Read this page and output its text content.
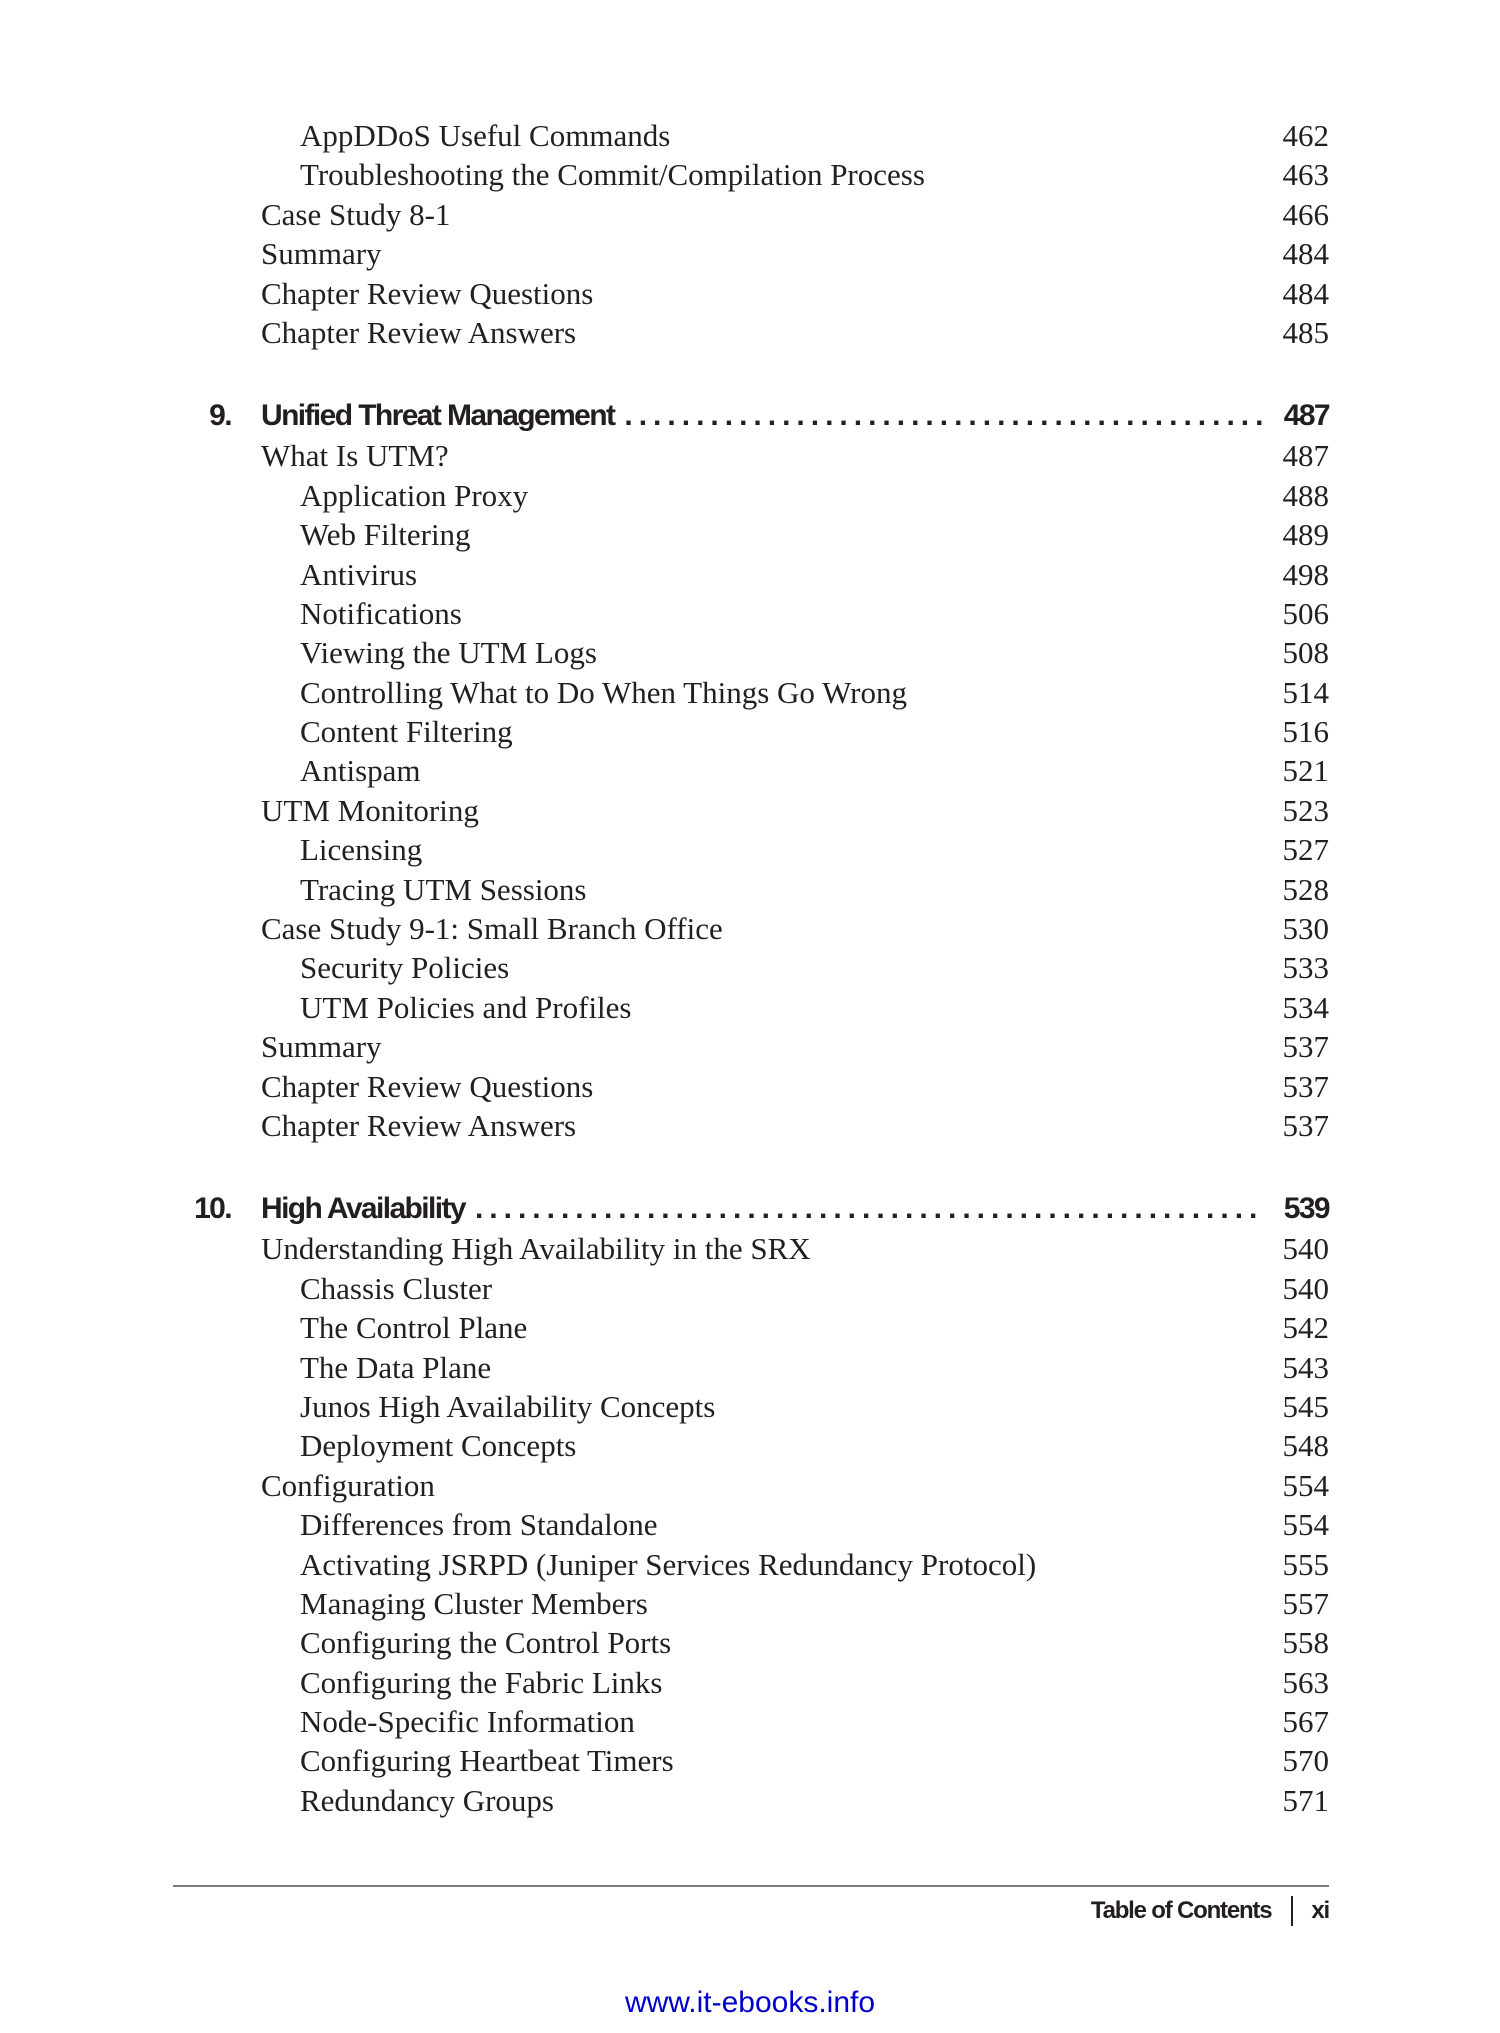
AppDDoS Useful Commands	462
Troubleshooting the Commit/Compilation Process	463
Case Study 8-1	466
Summary	484
Chapter Review Questions	484
Chapter Review Answers	485
9. Unified Threat Management ............................................. 487
What Is UTM?	487
Application Proxy	488
Web Filtering	489
Antivirus	498
Notifications	506
Viewing the UTM Logs	508
Controlling What to Do When Things Go Wrong	514
Content Filtering	516
Antispam	521
UTM Monitoring	523
Licensing	527
Tracing UTM Sessions	528
Case Study 9-1: Small Branch Office	530
Security Policies	533
UTM Policies and Profiles	534
Summary	537
Chapter Review Questions	537
Chapter Review Answers	537
10. High Availability ....................................................... 539
Understanding High Availability in the SRX	540
Chassis Cluster	540
The Control Plane	542
The Data Plane	543
Junos High Availability Concepts	545
Deployment Concepts	548
Configuration	554
Differences from Standalone	554
Activating JSRPD (Juniper Services Redundancy Protocol)	555
Managing Cluster Members	557
Configuring the Control Ports	558
Configuring the Fabric Links	563
Node-Specific Information	567
Configuring Heartbeat Timers	570
Redundancy Groups	571
Table of Contents xi
www.it-ebooks.info
